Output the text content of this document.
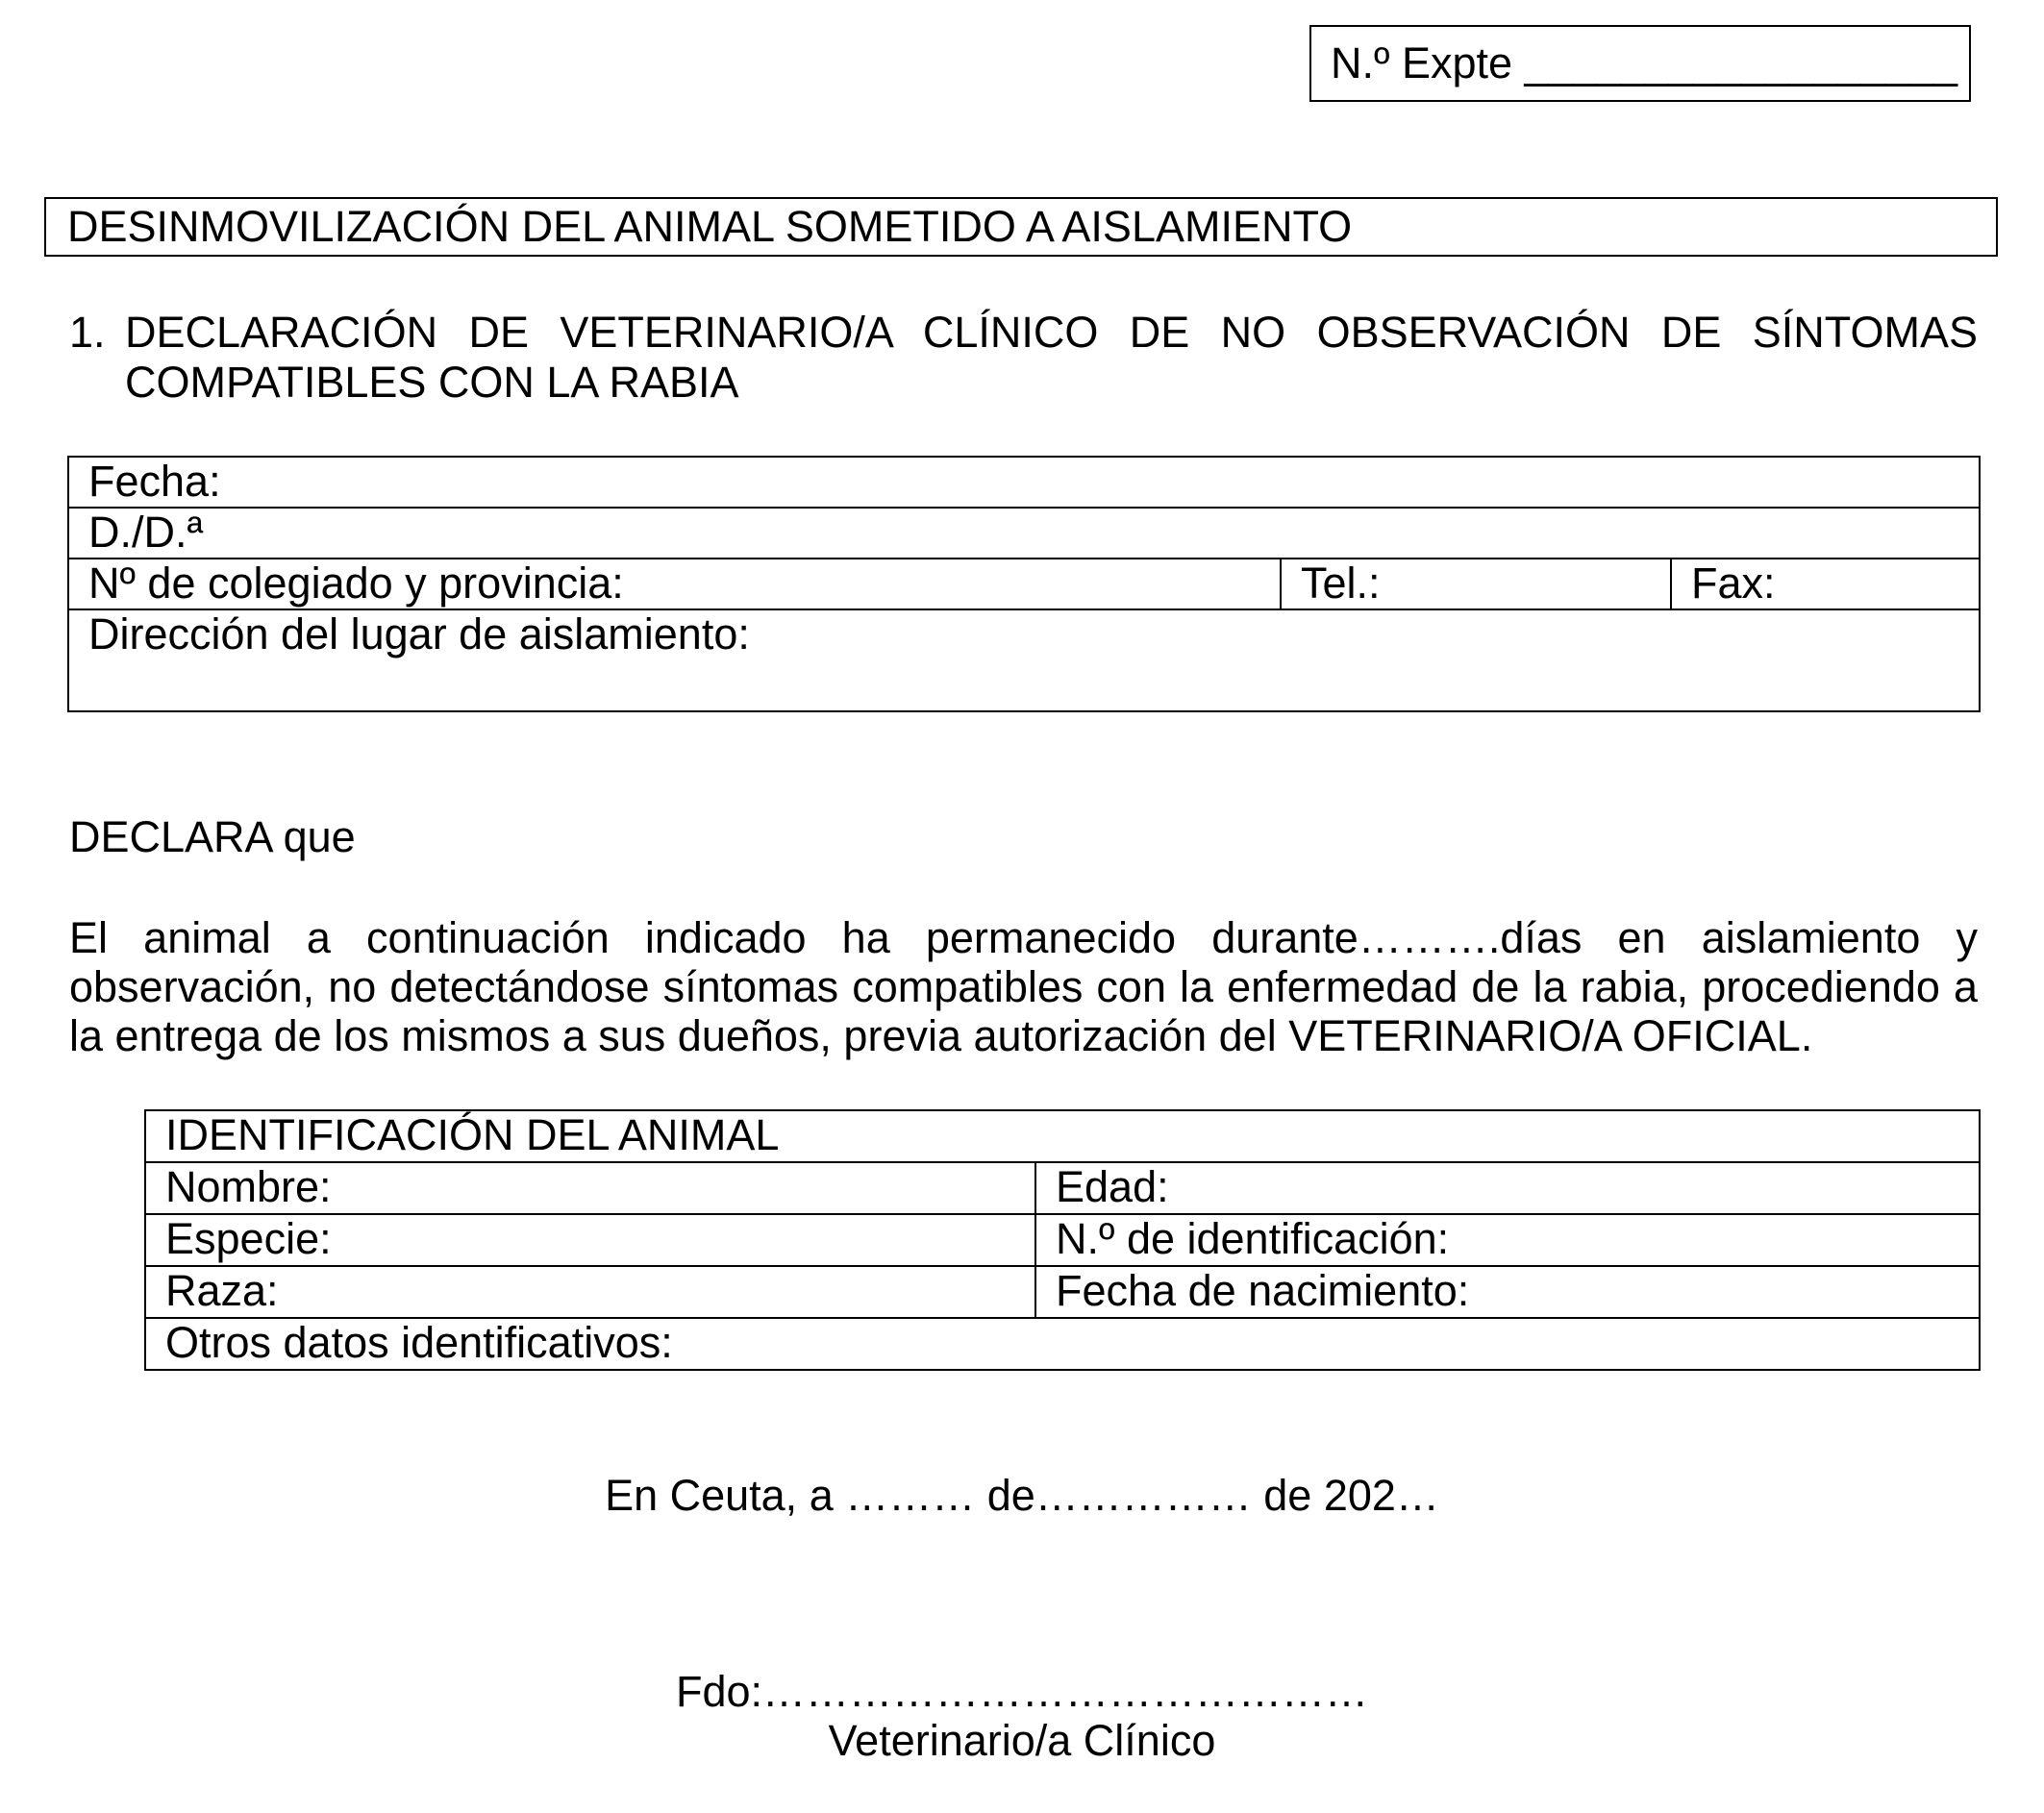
N.º Expte __________________
DESINMOVILIZACIÓN DEL ANIMAL SOMETIDO A AISLAMIENTO
1. DECLARACIÓN DE VETERINARIO/A CLÍNICO DE NO OBSERVACIÓN DE SÍNTOMAS
COMPATIBLES CON LA RABIA
Fecha:
D./D.ª
Nº de colegiado y provincia:	Tel.:	Fax:
Dirección del lugar de aislamiento:
DECLARA que
El animal a continuación indicado ha permanecido durante……….días en aislamiento y observación, no detectándose síntomas compatibles con la enfermedad de la rabia, procediendo a la entrega de los mismos a sus dueños, previa autorización del VETERINARIO/A OFICIAL.
IDENTIFICACIÓN DEL ANIMAL	
Nombre:	Edad:
Especie:	N.º de identificación:
Raza:	Fecha de nacimiento:
Otros datos identificativos:	
En Ceuta, a ……… de…………… de 202…
Fdo:……………………………………
Veterinario/a Clínico
